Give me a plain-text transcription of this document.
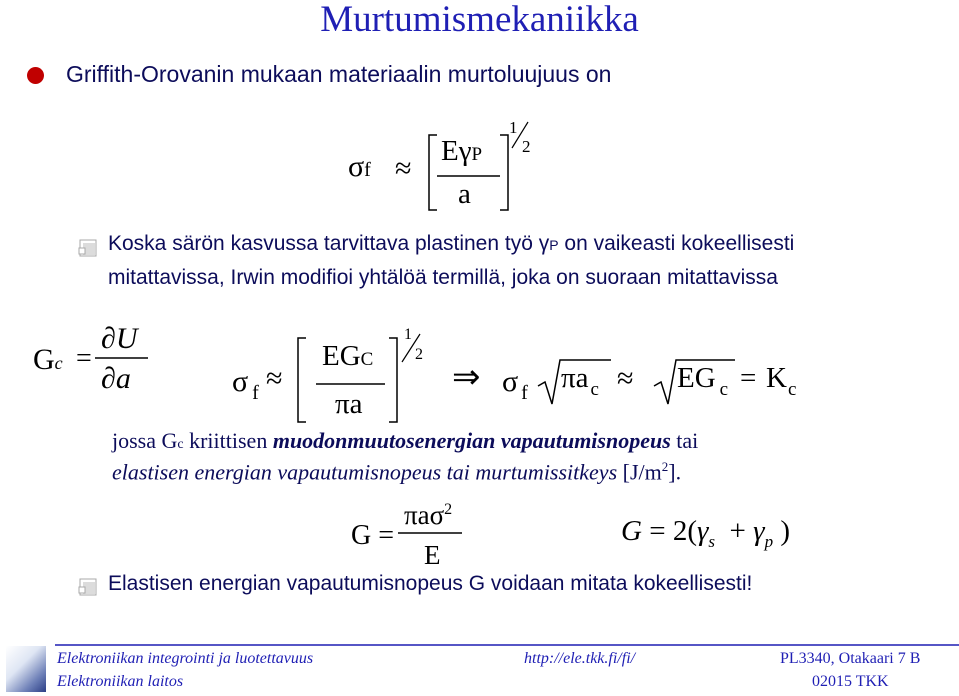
Murtumismekaniikka
Griffith-Orovanin mukaan materiaalin murtoluujuus on
σf ≈
EγP
a
1
2
Koska särön kasvussa tarvittava plastinen työ γP on vaikeasti kokeellisesti
mitattavissa, Irwin modifioi yhtälöä termillä, joka on suoraan mitattavissa
Gc =
∂U
∂a	σ $_f$ ≈
EGC
πa
1
2
⇒ σ $_f$ πa $_c$ ≈ EG $_c = K_c$
jossa Gc kriittisen muodonmuutosenergian vapautumisnopeus tai
elastisen energian vapautumisnopeus tai murtumissitkeys $[J/m^2]$.
G =
πaσ$^2$
E
$G = 2(\gamma_s + \gamma_p$ )
Elastisen energian vapautumisnopeus G voidaan mitata kokeellisesti!
Elektroniikan integrointi ja luotettavuus
Elektroniikan laitos
http://ele.tkk.fi/fi/	PL3340, Otakaari 7 B
02015 TKK
